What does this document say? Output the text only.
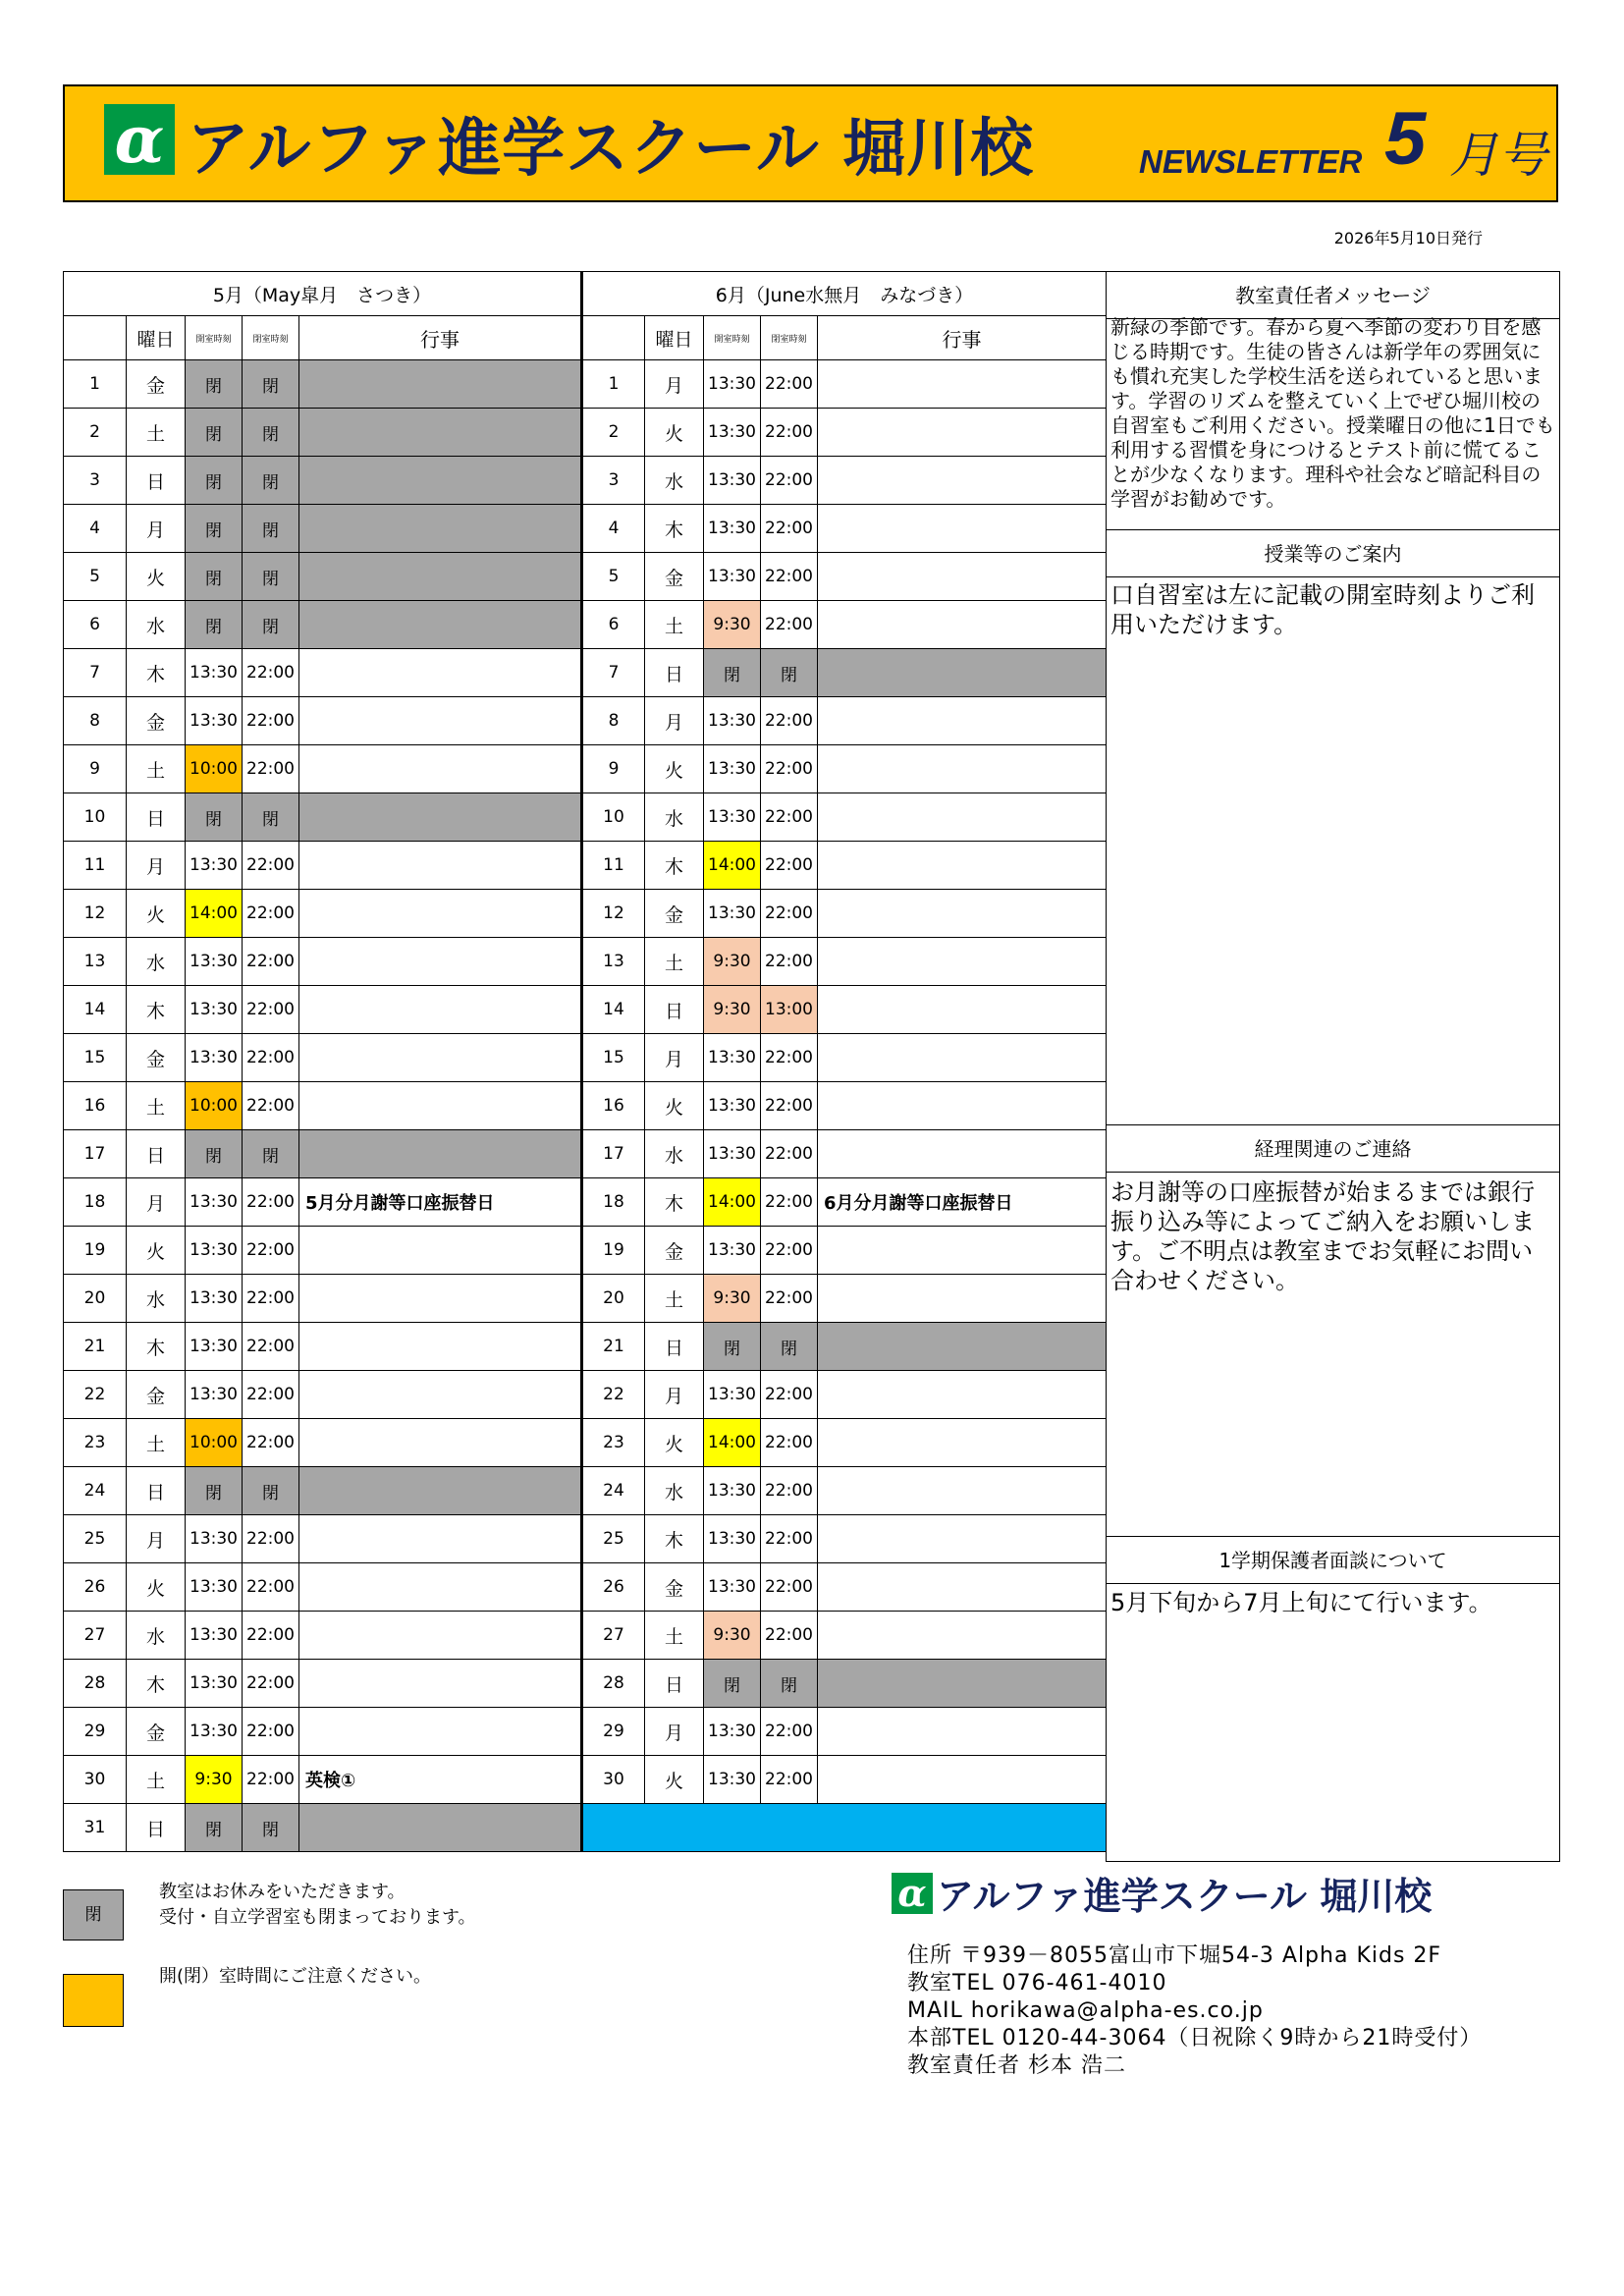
α アルファ進学スクール 堀川校	NEWSLETTER 5 月号
2026年5月10日発行
5月（May皐月　さつき）					6月（June水無月　みなづき）				
	曜日	開室時刻	閉室時刻	行事		曜日	開室時刻	閉室時刻	行事
1	金	閉	閉		1	月	13:30	22:00	
2	土	閉	閉		2	火	13:30	22:00	
3	日	閉	閉		3	水	13:30	22:00	
4	月	閉	閉		4	木	13:30	22:00	
5	火	閉	閉		5	金	13:30	22:00	
6	水	閉	閉		6	土	9:30	22:00	
7	木	13:30	22:00		7	日	閉	閉	
8	金	13:30	22:00		8	月	13:30	22:00	
9	土	10:00	22:00		9	火	13:30	22:00	
10	日	閉	閉		10	水	13:30	22:00	
11	月	13:30	22:00		11	木	14:00	22:00	
12	火	14:00	22:00		12	金	13:30	22:00	
13	水	13:30	22:00		13	土	9:30	22:00	
14	木	13:30	22:00		14	日	9:30	13:00	
15	金	13:30	22:00		15	月	13:30	22:00	
16	土	10:00	22:00		16	火	13:30	22:00	
17	日	閉	閉		17	水	13:30	22:00	
18	月	13:30	22:00	5月分月謝等口座振替日	18	木	14:00	22:00	6月分月謝等口座振替日
19	火	13:30	22:00		19	金	13:30	22:00	
20	水	13:30	22:00		20	土	9:30	22:00	
21	木	13:30	22:00		21	日	閉	閉	
22	金	13:30	22:00		22	月	13:30	22:00	
23	土	10:00	22:00		23	火	14:00	22:00	
24	日	閉	閉		24	水	13:30	22:00	
25	月	13:30	22:00		25	木	13:30	22:00	
26	火	13:30	22:00		26	金	13:30	22:00	
27	水	13:30	22:00		27	土	9:30	22:00	
28	木	13:30	22:00		28	日	閉	閉	
29	金	13:30	22:00		29	月	13:30	22:00	
30	土	9:30	22:00	英検①	30	火	13:30	22:00	
31	日	閉	閉						
教室責任者メッセージ
新緑の季節です。春から夏へ季節の変わり目を感じる時期です。生徒の皆さんは新学年の雰囲気にも慣れ充実した学校生活を送られていると思います。学習のリズムを整えていく上でぜひ堀川校の自習室もご利用ください。授業曜日の他に1日でも利用する習慣を身につけるとテスト前に慌てることが少なくなります。理科や社会など暗記科目の学習がお勧めです。
授業等のご案内
口自習室は左に記載の開室時刻よりご利用いただけます。
経理関連のご連絡
お月謝等の口座振替が始まるまでは銀行振り込み等によってご納入をお願いします。ご不明点は教室までお気軽にお問い合わせください。
1学期保護者面談について
5月下旬から7月上旬にて行います。
閉
教室はお休みをいただきます。
受付・自立学習室も閉まっております。
開(閉）室時間にご注意ください。
α アルファ進学スクール 堀川校
住所 〒939－8055富山市下堀54-3 Alpha Kids 2F
教室TEL 076-461-4010
MAIL horikawa@alpha-es.co.jp
本部TEL 0120-44-3064（日祝除く9時から21時受付）
教室責任者 杉本 浩二
